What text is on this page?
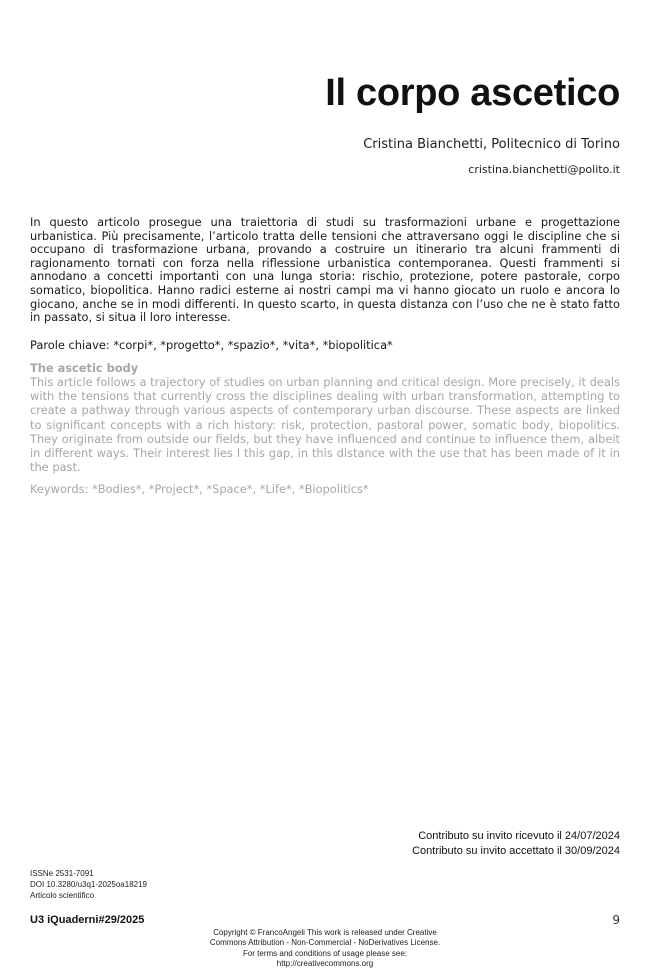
Il corpo ascetico
Cristina Bianchetti, Politecnico di Torino
cristina.bianchetti@polito.it

In questo articolo prosegue una traiettoria di studi su trasformazioni urbane e progettazione urbanistica. Più precisamente, l’articolo tratta delle tensioni che attraversano oggi le discipline che si occupano di trasformazione urbana, provando a costruire un itinerario tra alcuni frammenti di ragionamento tornati con forza nella riflessione urbanistica contemporanea. Questi frammenti si annodano a concetti importanti con una lunga storia: rischio, protezione, potere pastorale, corpo somatico, biopolitica. Hanno radici esterne ai nostri campi ma vi hanno giocato un ruolo e ancora lo giocano, anche se in modi differenti. In questo scarto, in questa distanza con l’uso che ne è stato fatto in passato, si situa il loro interesse.

Parole chiave: *corpi*, *progetto*, *spazio*, *vita*, *biopolitica*
The ascetic body

This article follows a trajectory of studies on urban planning and critical design. More precisely, it deals with the tensions that currently cross the disciplines dealing with urban transformation, attempting to create a pathway through various aspects of contemporary urban discourse. These aspects are linked to significant concepts with a rich history: risk, protection, pastoral power, somatic body, biopolitics. They originate from outside our fields, but they have influenced and continue to influence them, albeit in different ways. Their interest lies I this gap, in this distance with the use that has been made of it in the past.

Keywords: *Bodies*, *Project*, *Space*, *Life*, *Biopolitics*
Contributo su invito ricevuto il 24/07/2024
Contributo su invito accettato il 30/09/2024
ISSNe 2531-7091
DOI 10.3280/u3q1-2025oa18219
Articolo scientifico
U3 iQuaderni#29/2025	9
Copyright © FrancoAngeli This work is released under Creative
Commons Attribution - Non-Commercial - NoDerivatives License.
For terms and conditions of usage please see:
http://creativecommons.org
